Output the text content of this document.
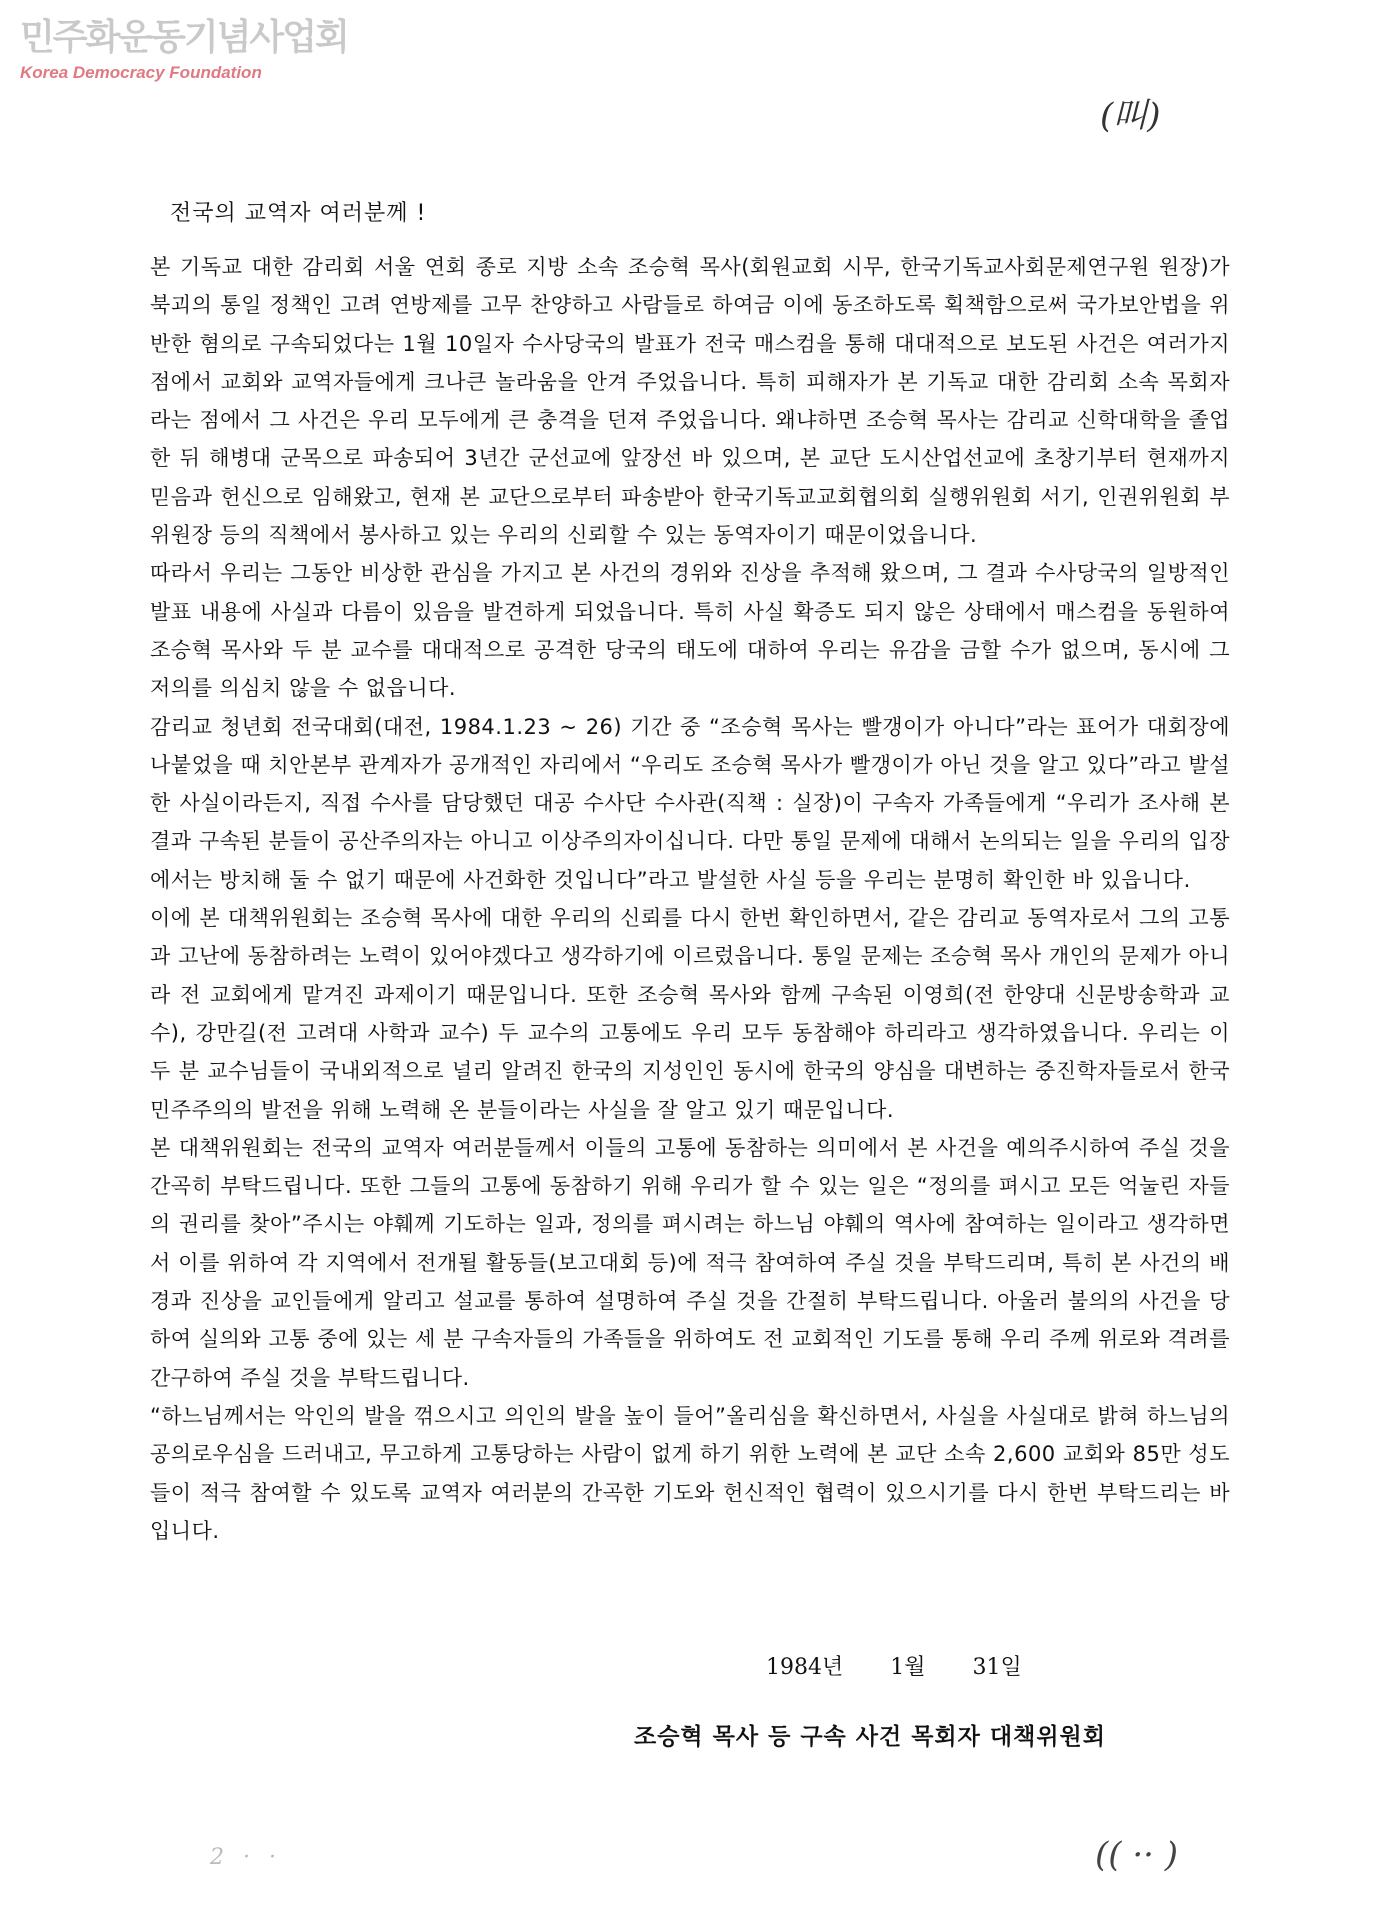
민주화운동기념사업회
Korea Democracy Foundation
(叫)
전국의 교역자 여러분께 !

본 기독교 대한 감리회 서울 연회 종로 지방 소속 조승혁 목사(회원교회 시무, 한국기독교사회문제연구원 원장)가 북괴의 통일 정책인 고려 연방제를 고무 찬양하고 사람들로 하여금 이에 동조하도록 획책함으로써 국가보안법을 위반한 혐의로 구속되었다는 1월 10일자 수사당국의 발표가 전국 매스컴을 통해 대대적으로 보도된 사건은 여러가지 점에서 교회와 교역자들에게 크나큰 놀라움을 안겨 주었읍니다. 특히 피해자가 본 기독교 대한 감리회 소속 목회자라는 점에서 그 사건은 우리 모두에게 큰 충격을 던져 주었읍니다. 왜냐하면 조승혁 목사는 감리교 신학대학을 졸업한 뒤 해병대 군목으로 파송되어 3년간 군선교에 앞장선 바 있으며, 본 교단 도시산업선교에 초창기부터 현재까지 믿음과 헌신으로 임해왔고, 현재 본 교단으로부터 파송받아 한국기독교교회협의회 실행위원회 서기, 인권위원회 부위원장 등의 직책에서 봉사하고 있는 우리의 신뢰할 수 있는 동역자이기 때문이었읍니다.

따라서 우리는 그동안 비상한 관심을 가지고 본 사건의 경위와 진상을 추적해 왔으며, 그 결과 수사당국의 일방적인 발표 내용에 사실과 다름이 있음을 발견하게 되었읍니다. 특히 사실 확증도 되지 않은 상태에서 매스컴을 동원하여 조승혁 목사와 두 분 교수를 대대적으로 공격한 당국의 태도에 대하여 우리는 유감을 금할 수가 없으며, 동시에 그 저의를 의심치 않을 수 없읍니다.

감리교 청년회 전국대회(대전, 1984.1.23 ~ 26) 기간 중 “조승혁 목사는 빨갱이가 아니다”라는 표어가 대회장에 나붙었을 때 치안본부 관계자가 공개적인 자리에서 “우리도 조승혁 목사가 빨갱이가 아닌 것을 알고 있다”라고 발설한 사실이라든지, 직접 수사를 담당했던 대공 수사단 수사관(직책 : 실장)이 구속자 가족들에게 “우리가 조사해 본 결과 구속된 분들이 공산주의자는 아니고 이상주의자이십니다. 다만 통일 문제에 대해서 논의되는 일을 우리의 입장에서는 방치해 둘 수 없기 때문에 사건화한 것입니다”라고 발설한 사실 등을 우리는 분명히 확인한 바 있읍니다.

이에 본 대책위원회는 조승혁 목사에 대한 우리의 신뢰를 다시 한번 확인하면서, 같은 감리교 동역자로서 그의 고통과 고난에 동참하려는 노력이 있어야겠다고 생각하기에 이르렀읍니다. 통일 문제는 조승혁 목사 개인의 문제가 아니라 전 교회에게 맡겨진 과제이기 때문입니다. 또한 조승혁 목사와 함께 구속된 이영희(전 한양대 신문방송학과 교수), 강만길(전 고려대 사학과 교수) 두 교수의 고통에도 우리 모두 동참해야 하리라고 생각하였읍니다. 우리는 이 두 분 교수님들이 국내외적으로 널리 알려진 한국의 지성인인 동시에 한국의 양심을 대변하는 중진학자들로서 한국 민주주의의 발전을 위해 노력해 온 분들이라는 사실을 잘 알고 있기 때문입니다.

본 대책위원회는 전국의 교역자 여러분들께서 이들의 고통에 동참하는 의미에서 본 사건을 예의주시하여 주실 것을 간곡히 부탁드립니다. 또한 그들의 고통에 동참하기 위해 우리가 할 수 있는 일은 “정의를 펴시고 모든 억눌린 자들의 권리를 찾아”주시는 야훼께 기도하는 일과, 정의를 펴시려는 하느님 야훼의 역사에 참여하는 일이라고 생각하면서 이를 위하여 각 지역에서 전개될 활동들(보고대회 등)에 적극 참여하여 주실 것을 부탁드리며, 특히 본 사건의 배경과 진상을 교인들에게 알리고 설교를 통하여 설명하여 주실 것을 간절히 부탁드립니다. 아울러 불의의 사건을 당하여 실의와 고통 중에 있는 세 분 구속자들의 가족들을 위하여도 전 교회적인 기도를 통해 우리 주께 위로와 격려를 간구하여 주실 것을 부탁드립니다.

“하느님께서는 악인의 발을 꺾으시고 의인의 발을 높이 들어”올리심을 확신하면서, 사실을 사실대로 밝혀 하느님의 공의로우심을 드러내고, 무고하게 고통당하는 사람이 없게 하기 위한 노력에 본 교단 소속 2,600 교회와 85만 성도들이 적극 참여할 수 있도록 교역자 여러분의 간곡한 기도와 헌신적인 협력이 있으시기를 다시 한번 부탁드리는 바입니다.

1984년 1월 31일
조승혁 목사 등 구속 사건 목회자 대책위원회
2 · ·	(( ·· )
